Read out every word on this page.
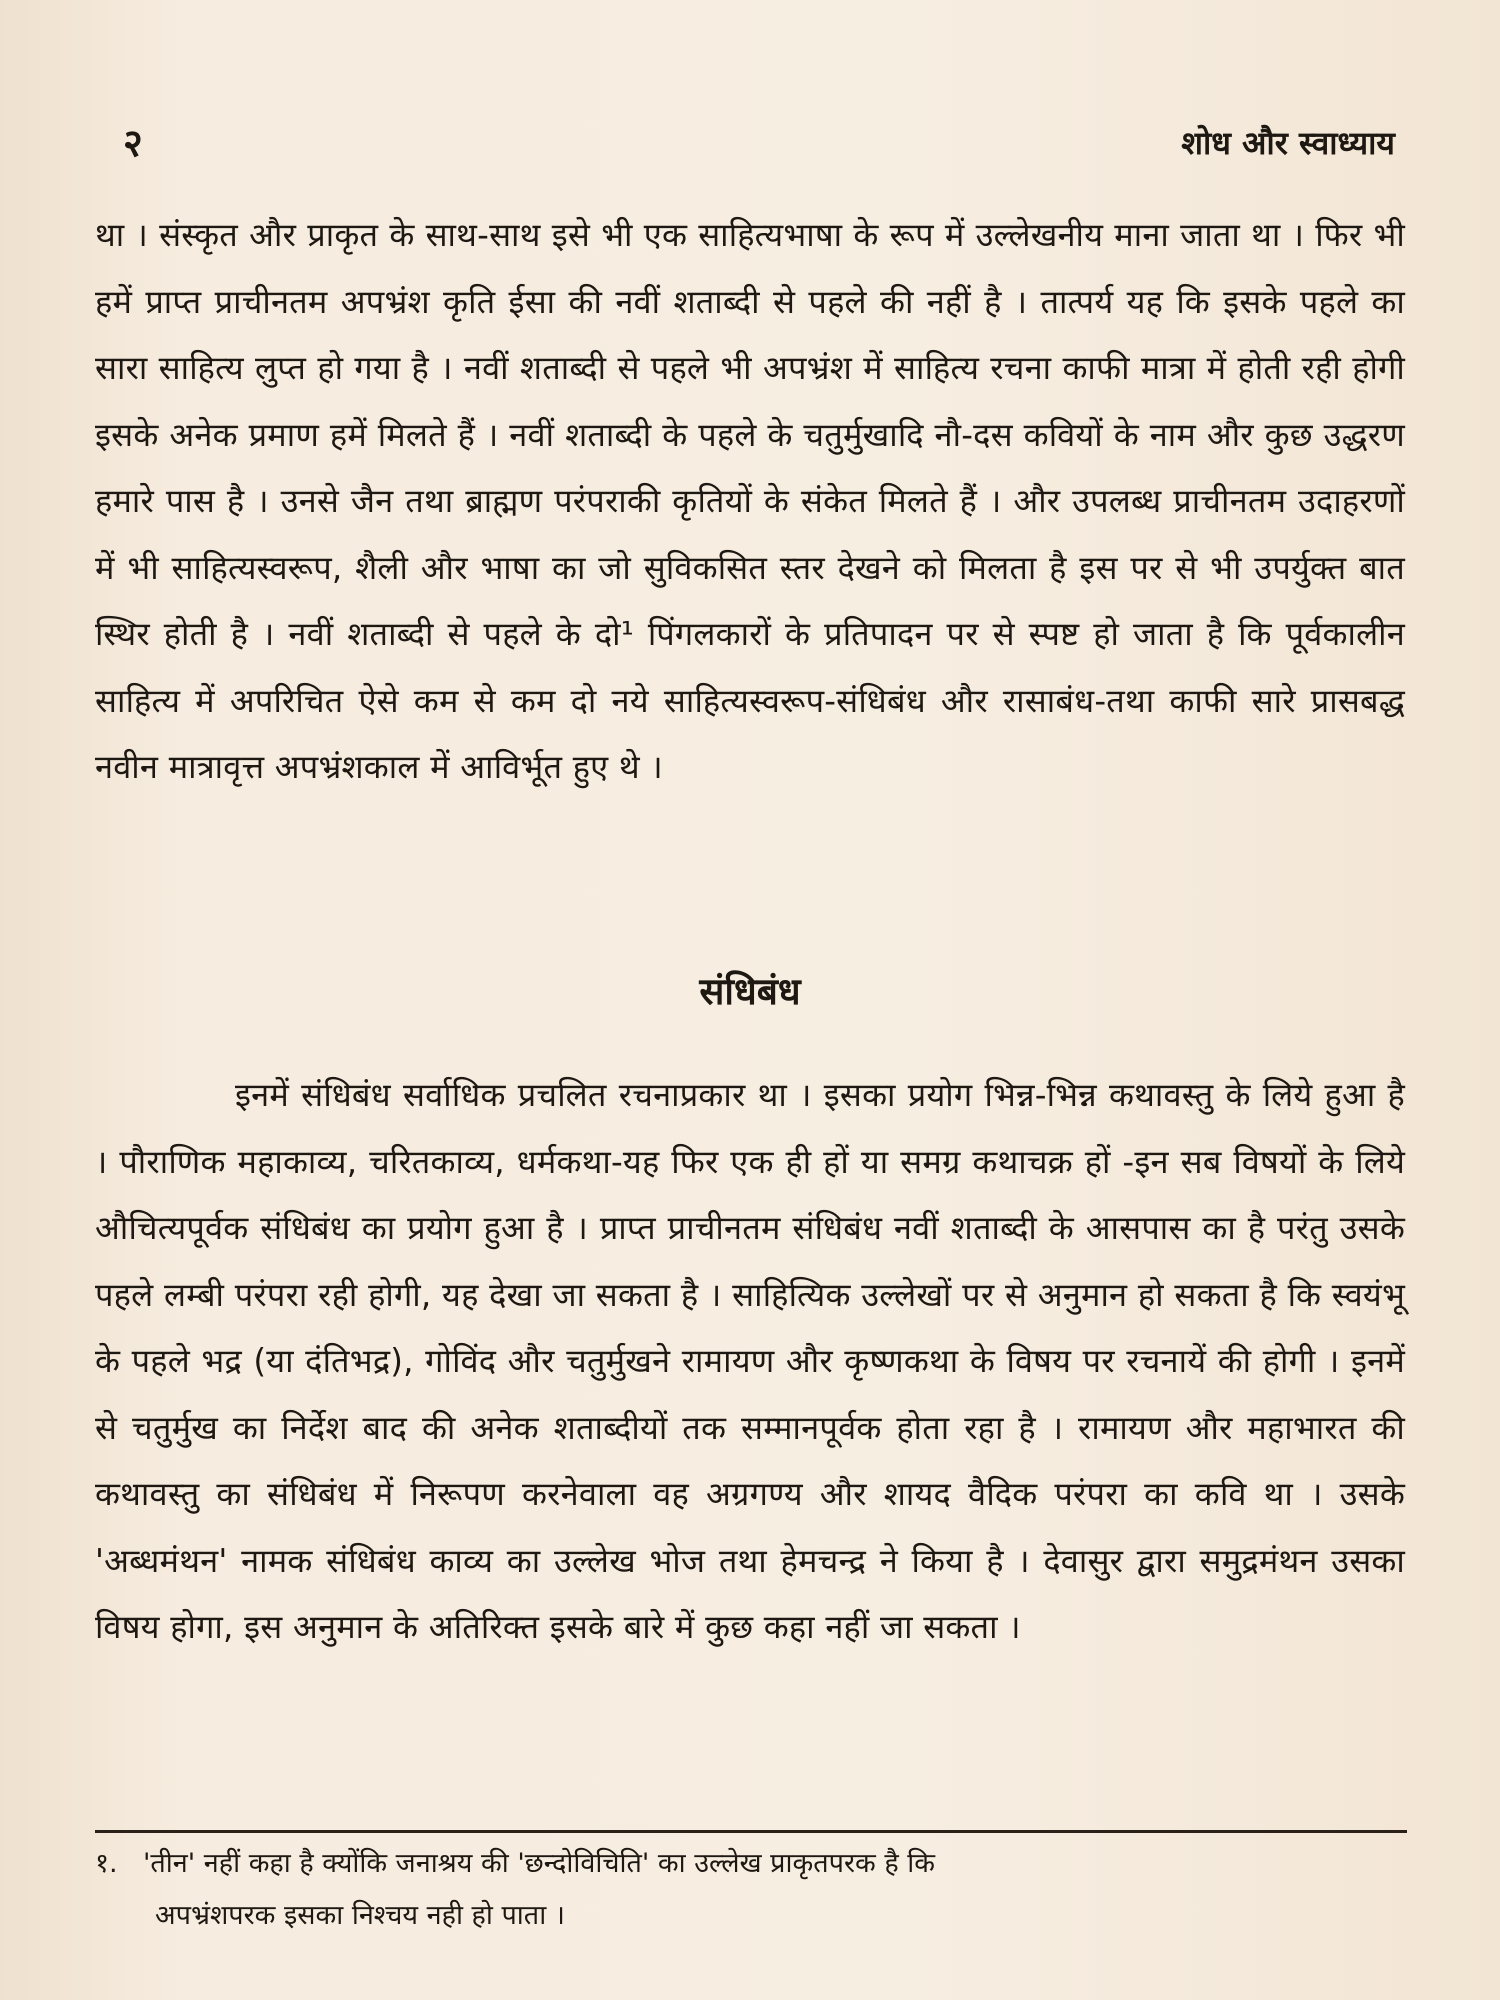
२	शोध और स्वाध्याय

था । संस्कृत और प्राकृत के साथ-साथ इसे भी एक साहित्यभाषा के रूप में उल्लेखनीय माना जाता था । फिर भी हमें प्राप्त प्राचीनतम अपभ्रंश कृति ईसा की नवीं शताब्दी से पहले की नहीं है । तात्पर्य यह कि इसके पहले का सारा साहित्य लुप्त हो गया है । नवीं शताब्दी से पहले भी अपभ्रंश में साहित्य रचना काफी मात्रा में होती रही होगी इसके अनेक प्रमाण हमें मिलते हैं । नवीं शताब्दी के पहले के चतुर्मुखादि नौ-दस कवियों के नाम और कुछ उद्धरण हमारे पास है । उनसे जैन तथा ब्राह्मण परंपराकी कृतियों के संकेत मिलते हैं । और उपलब्ध प्राचीनतम उदाहरणों में भी साहित्यस्वरूप, शैली और भाषा का जो सुविकसित स्तर देखने को मिलता है इस पर से भी उपर्युक्त बात स्थिर होती है । नवीं शताब्दी से पहले के दो¹ पिंगलकारों के प्रतिपादन पर से स्पष्ट हो जाता है कि पूर्वकालीन साहित्य में अपरिचित ऐसे कम से कम दो नये साहित्यस्वरूप-संधिबंध और रासाबंध-तथा काफी सारे प्रासबद्ध नवीन मात्रावृत्त अपभ्रंशकाल में आविर्भूत हुए थे ।

संधिबंध

इनमें संधिबंध सर्वाधिक प्रचलित रचनाप्रकार था । इसका प्रयोग भिन्न-भिन्न कथावस्तु के लिये हुआ है । पौराणिक महाकाव्य, चरितकाव्य, धर्मकथा-यह फिर एक ही हों या समग्र कथाचक्र हों -इन सब विषयों के लिये औचित्यपूर्वक संधिबंध का प्रयोग हुआ है । प्राप्त प्राचीनतम संधिबंध नवीं शताब्दी के आसपास का है परंतु उसके पहले लम्बी परंपरा रही होगी, यह देखा जा सकता है । साहित्यिक उल्लेखों पर से अनुमान हो सकता है कि स्वयंभू के पहले भद्र (या दंतिभद्र), गोविंद और चतुर्मुखने रामायण और कृष्णकथा के विषय पर रचनायें की होगी । इनमें से चतुर्मुख का निर्देश बाद की अनेक शताब्दीयों तक सम्मानपूर्वक होता रहा है । रामायण और महाभारत की कथावस्तु का संधिबंध में निरूपण करनेवाला वह अग्रगण्य और शायद वैदिक परंपरा का कवि था । उसके 'अब्धमंथन' नामक संधिबंध काव्य का उल्लेख भोज तथा हेमचन्द्र ने किया है । देवासुर द्वारा समुद्रमंथन उसका विषय होगा, इस अनुमान के अतिरिक्त इसके बारे में कुछ कहा नहीं जा सकता ।

१. 'तीन' नहीं कहा है क्योंकि जनाश्रय की 'छन्दोविचिति' का उल्लेख प्राकृतपरक है कि
अपभ्रंशपरक इसका निश्चय नही हो पाता ।
